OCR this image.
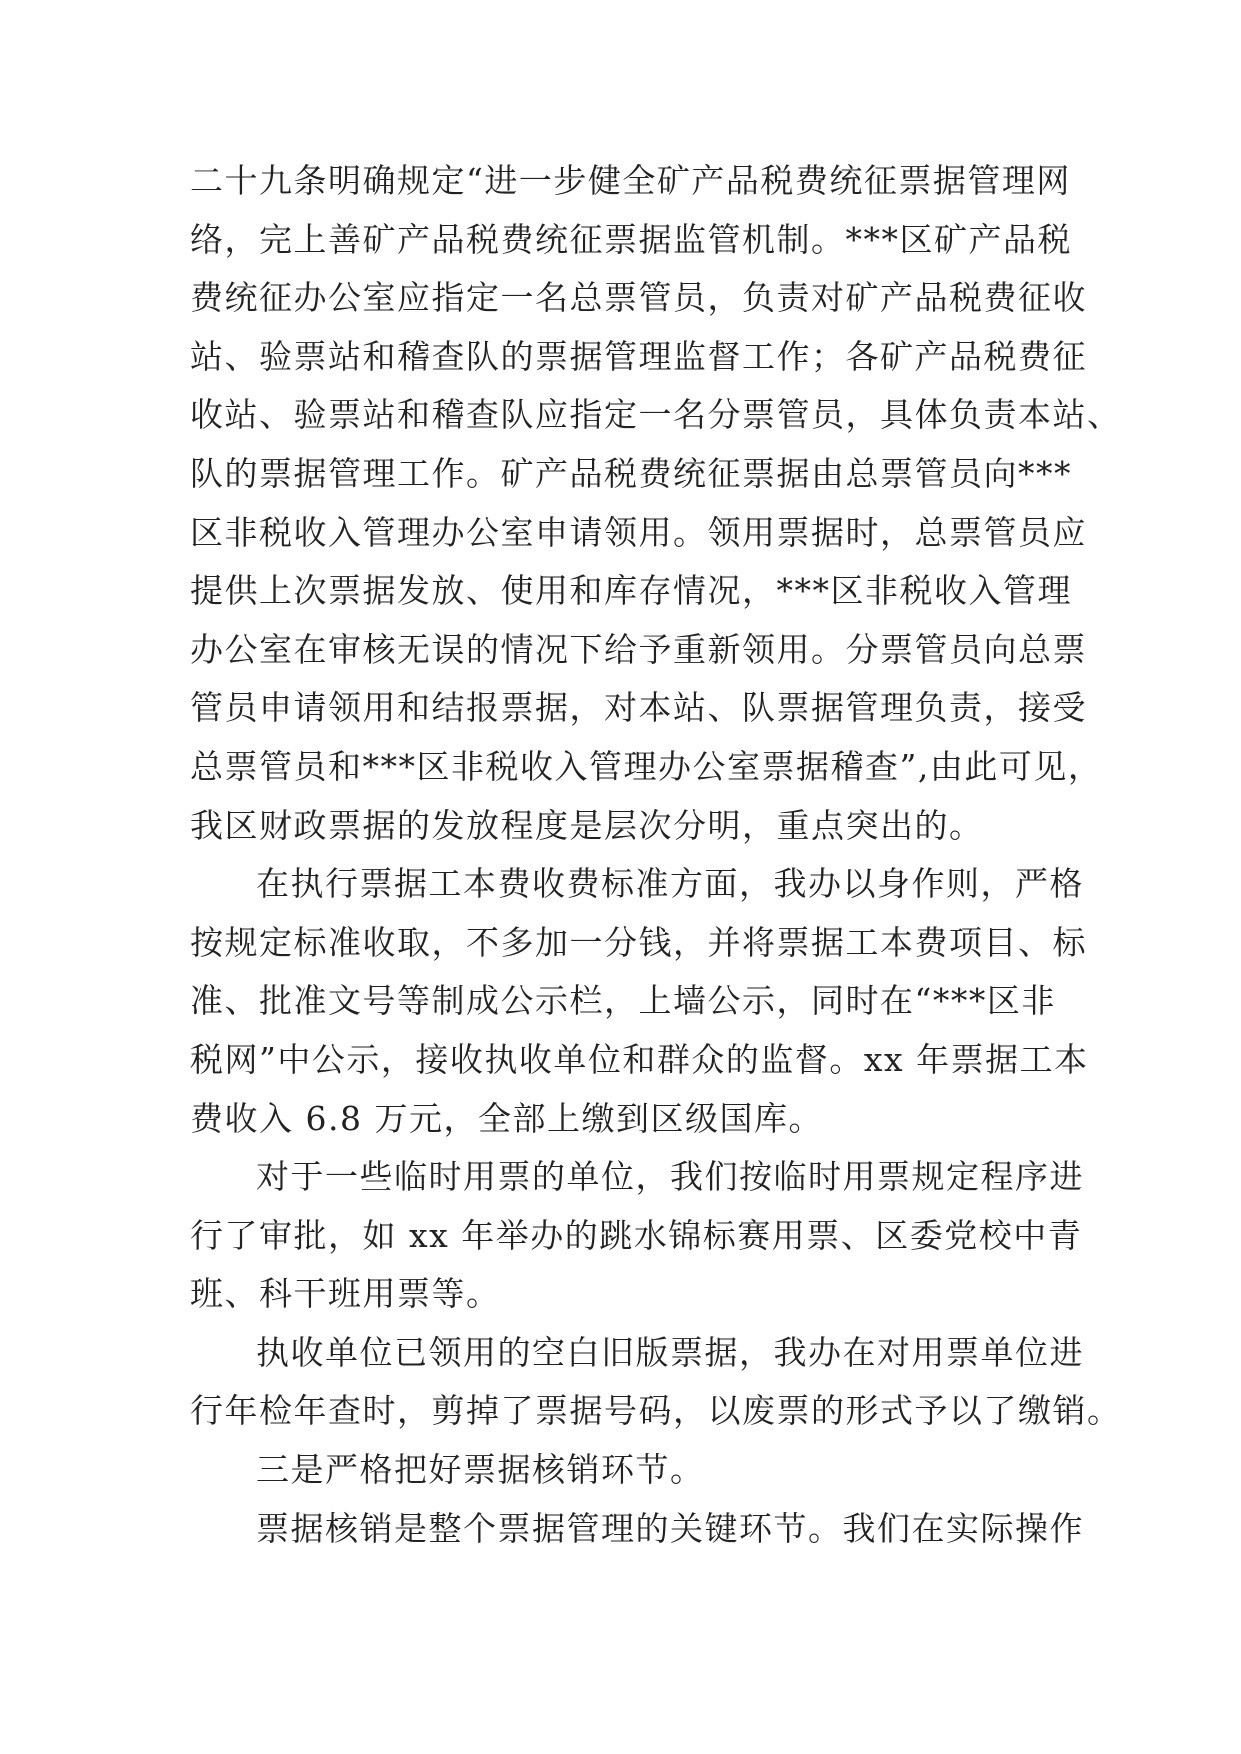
二十九条明确规定“进一步健全矿产品税费统征票据管理网
络，完上善矿产品税费统征票据监管机制。***区矿产品税
费统征办公室应指定一名总票管员，负责对矿产品税费征收
站、验票站和稽查队的票据管理监督工作；各矿产品税费征
收站、验票站和稽查队应指定一名分票管员，具体负责本站、
队的票据管理工作。矿产品税费统征票据由总票管员向***
区非税收入管理办公室申请领用。领用票据时，总票管员应
提供上次票据发放、使用和库存情况，***区非税收入管理
办公室在审核无误的情况下给予重新领用。分票管员向总票
管员申请领用和结报票据，对本站、队票据管理负责，接受
总票管员和***区非税收入管理办公室票据稽查”,由此可见，
我区财政票据的发放程度是层次分明，重点突出的。
在执行票据工本费收费标准方面，我办以身作则，严格
按规定标准收取，不多加一分钱，并将票据工本费项目、标
准、批准文号等制成公示栏，上墙公示，同时在“***区非
税网”中公示，接收执收单位和群众的监督。xx 年票据工本
费收入 6.8 万元，全部上缴到区级国库。
对于一些临时用票的单位，我们按临时用票规定程序进
行了审批，如 xx 年举办的跳水锦标赛用票、区委党校中青
班、科干班用票等。
执收单位已领用的空白旧版票据，我办在对用票单位进
行年检年查时，剪掉了票据号码，以废票的形式予以了缴销。
三是严格把好票据核销环节。
票据核销是整个票据管理的关键环节。我们在实际操作
